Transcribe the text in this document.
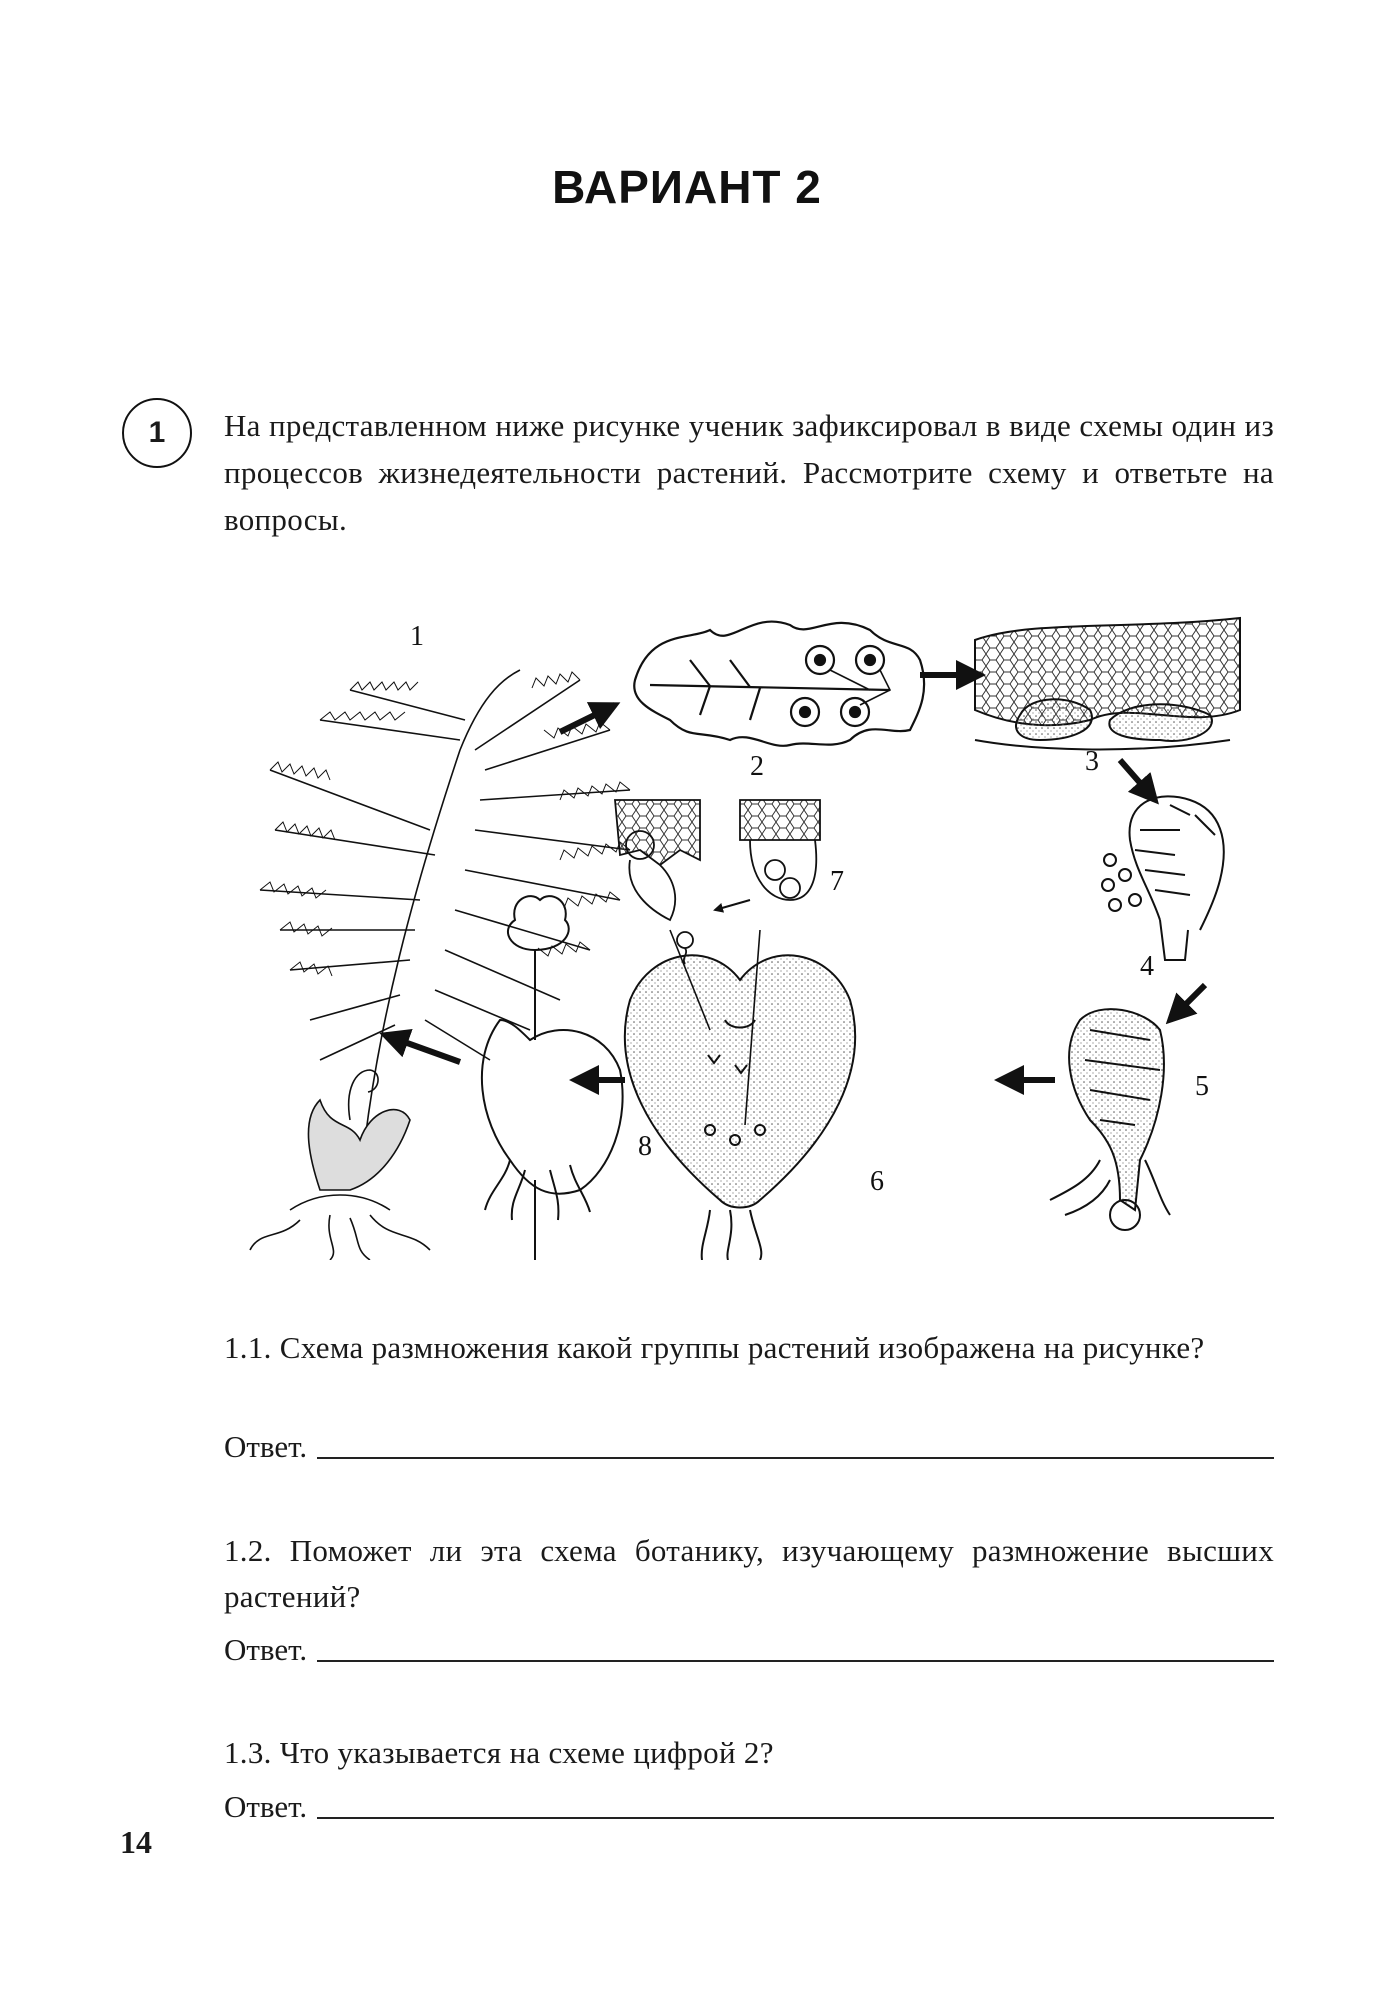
ВАРИАНТ 2
1 На представленном ниже рисунке ученик зафиксировал в виде схемы один из процессов жизнедеятельности растений. Рассмотрите схему и ответьте на вопросы.
1
2	3
4
5
6
7
8
1.1. Схема размножения какой группы растений изображена на рисунке?
Ответ.
1.2. Поможет ли эта схема ботанику, изучающему размножение высших растений?
Ответ.
1.3. Что указывается на схеме цифрой 2?
Ответ.
14
